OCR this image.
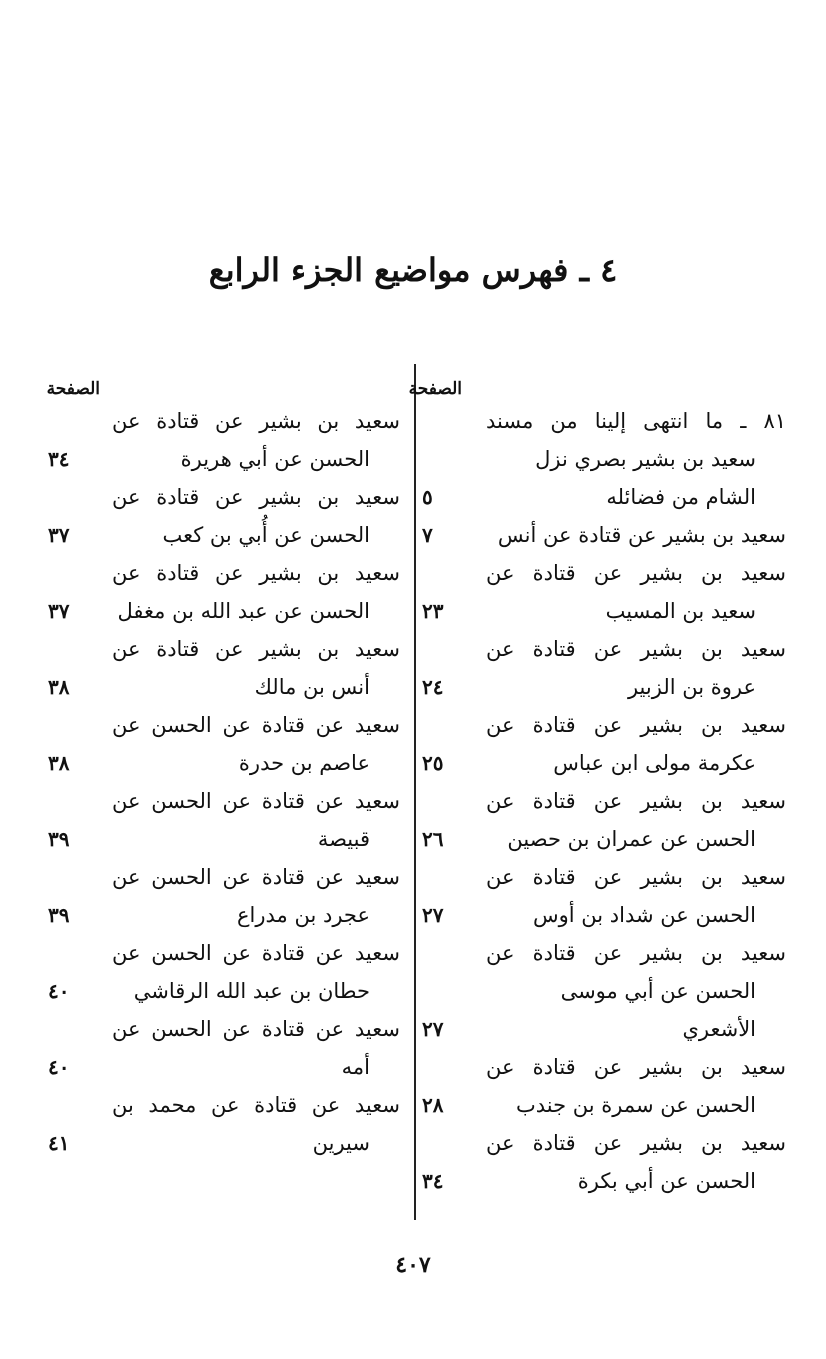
٤ ـ فهرس مواضيع الجزء الرابع
الصفحة
٨١ ـ ما انتهى إلينا من مسند
سعيد بن بشير بصري نزل
الشام من فضائله
٥
سعيد بن بشير عن قتادة عن أنس
٧
سعيد بن بشير عن قتادة عن
سعيد بن المسيب
٢٣
سعيد بن بشير عن قتادة عن
عروة بن الزبير
٢٤
سعيد بن بشير عن قتادة عن
عكرمة مولى ابن عباس
٢٥
سعيد بن بشير عن قتادة عن
الحسن عن عمران بن حصين
٢٦
سعيد بن بشير عن قتادة عن
الحسن عن شداد بن أوس
٢٧
سعيد بن بشير عن قتادة عن
الحسن عن أبي موسى
الأشعري
٢٧
سعيد بن بشير عن قتادة عن
الحسن عن سمرة بن جندب
٢٨
سعيد بن بشير عن قتادة عن
الحسن عن أبي بكرة
٣٤
الصفحة
سعيد بن بشير عن قتادة عن
الحسن عن أبي هريرة
٣٤
سعيد بن بشير عن قتادة عن
الحسن عن أُبي بن كعب
٣٧
سعيد بن بشير عن قتادة عن
الحسن عن عبد الله بن مغفل
٣٧
سعيد بن بشير عن قتادة عن
أنس بن مالك
٣٨
سعيد عن قتادة عن الحسن عن
عاصم بن حدرة
٣٨
سعيد عن قتادة عن الحسن عن
قبيصة
٣٩
سعيد عن قتادة عن الحسن عن
عجرد بن مدراع
٣٩
سعيد عن قتادة عن الحسن عن
حطان بن عبد الله الرقاشي
٤٠
سعيد عن قتادة عن الحسن عن
أمه
٤٠
سعيد عن قتادة عن محمد بن
سيرين
٤١
٤٠٧
